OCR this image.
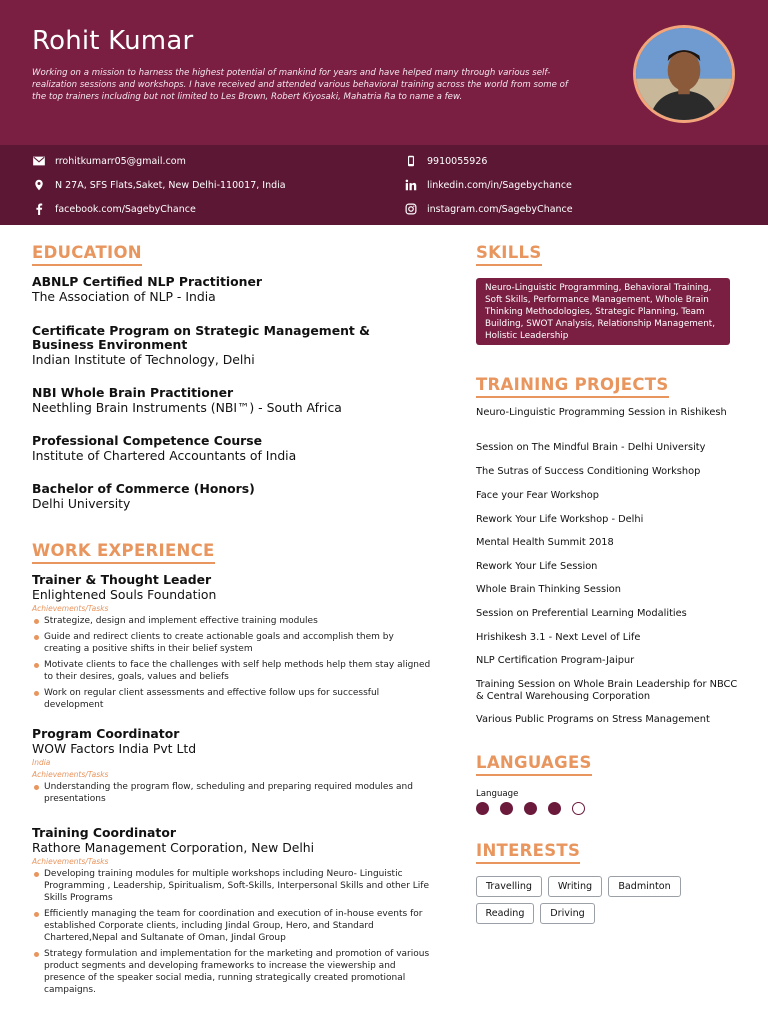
Rohit Kumar
Working on a mission to harness the highest potential of mankind for years and have helped many through various self-realization sessions and workshops. I have received and attended various behavioral training across the world from some of the top trainers including but not limited to Les Brown, Robert Kiyosaki, Mahatria Ra to name a few.
rrohitkumarr05@gmail.com	9910055926
N 27A, SFS Flats,Saket, New Delhi-110017, India	linkedin.com/in/Sagebychance
facebook.com/SagebyChance	instagram.com/SagebyChance
EDUCATION
ABNLP Certified NLP Practitioner
The Association of NLP - India
Certificate Program on Strategic Management & Business Environment
Indian Institute of Technology, Delhi
NBI Whole Brain Practitioner
Neethling Brain Instruments (NBI™) - South Africa
Professional Competence Course
Institute of Chartered Accountants of India
Bachelor of Commerce (Honors)
Delhi University
WORK EXPERIENCE
Trainer & Thought Leader
Enlightened Souls Foundation
Achievements/Tasks
Strategize, design and implement effective training modules
Guide and redirect clients to create actionable goals and accomplish them by creating a positive shifts in their belief system
Motivate clients to face the challenges with self help methods help them stay aligned to their desires, goals, values and beliefs
Work on regular client assessments and effective follow ups for successful development
Program Coordinator
WOW Factors India Pvt Ltd
India
Achievements/Tasks
Understanding the program flow, scheduling and preparing required modules and presentations
Training Coordinator
Rathore Management Corporation, New Delhi
Achievements/Tasks
Developing training modules for multiple workshops including Neuro- Linguistic Programming , Leadership, Spiritualism, Soft-Skills, Interpersonal Skills and other Life Skills Programs
Efficiently managing the team for coordination and execution of in-house events for established Corporate clients, including Jindal Group, Hero, and Standard Chartered,Nepal and Sultanate of Oman, Jindal Group
Strategy formulation and implementation for the marketing and promotion of various product segments and developing frameworks to increase the viewership and presence of the speaker social media, running strategically created promotional campaigns.
SKILLS
Neuro-Linguistic Programming, Behavioral Training, Soft Skills, Performance Management, Whole Brain Thinking Methodologies, Strategic Planning, Team Building, SWOT Analysis, Relationship Management, Holistic Leadership
TRAINING PROJECTS
Neuro-Linguistic Programming Session in Rishikesh
Session on The Mindful Brain - Delhi University
The Sutras of Success Conditioning Workshop
Face your Fear Workshop
Rework Your Life Workshop - Delhi
Mental Health Summit 2018
Rework Your Life Session
Whole Brain Thinking Session
Session on Preferential Learning Modalities
Hrishikesh 3.1 - Next Level of Life
NLP Certification Program-Jaipur
Training Session on Whole Brain Leadership for NBCC & Central Warehousing Corporation
Various Public Programs on Stress Management
LANGUAGES
Language
INTERESTS
Travelling	Writing	Badminton
Reading	Driving
